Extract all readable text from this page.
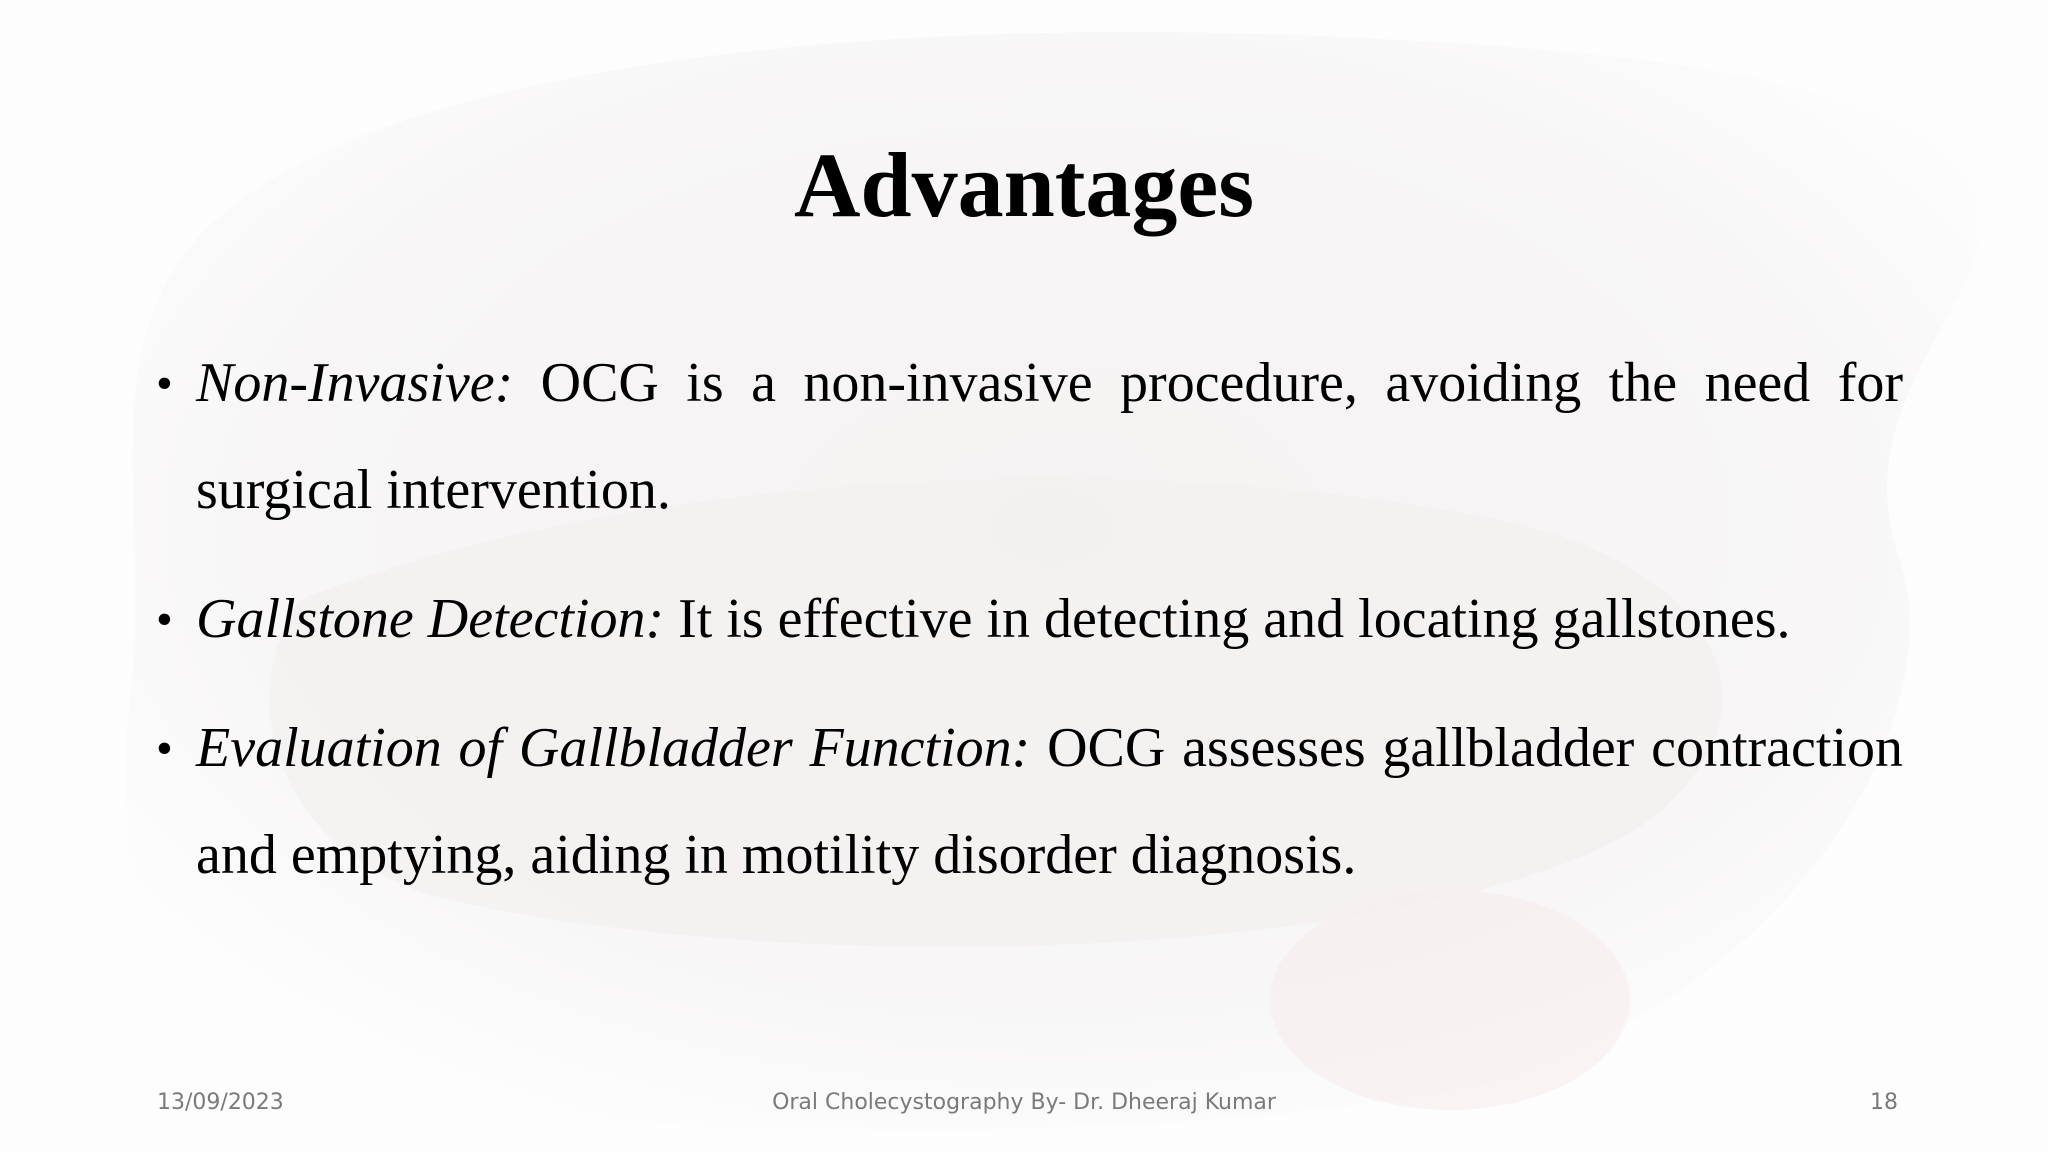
Advantages
• Non-Invasive: OCG is a non-invasive procedure, avoiding the need for surgical intervention.
• Gallstone Detection: It is effective in detecting and locating gallstones.
• Evaluation of Gallbladder Function: OCG assesses gallbladder contraction and emptying, aiding in motility disorder diagnosis.
13/09/2023	Oral Cholecystography By- Dr. Dheeraj Kumar	18
